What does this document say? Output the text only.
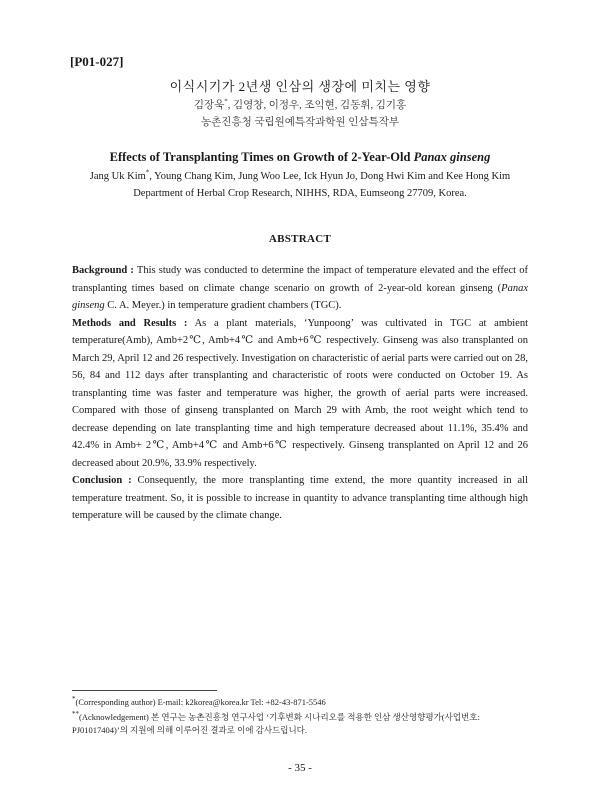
[P01-027]
이식시기가 2년생 인삼의 생장에 미치는 영향
김장욱*, 김영창, 이정우, 조익현, 김동휘, 김기홍
농촌진흥청 국립원예특작과학원 인삼특작부
Effects of Transplanting Times on Growth of 2-Year-Old Panax ginseng
Jang Uk Kim*, Young Chang Kim, Jung Woo Lee, Ick Hyun Jo, Dong Hwi Kim and Kee Hong Kim
Department of Herbal Crop Research, NIHHS, RDA, Eumseong 27709, Korea.
ABSTRACT

Background : This study was conducted to determine the impact of temperature elevated and the effect of transplanting times based on climate change scenario on growth of 2-year-old korean ginseng (Panax ginseng C. A. Meyer.) in temperature gradient chambers (TGC).

Methods and Results : As a plant materials, ‘Yunpoong’ was cultivated in TGC at ambient temperature(Amb), Amb+2℃, Amb+4℃ and Amb+6℃ respectively. Ginseng was also transplanted on March 29, April 12 and 26 respectively. Investigation on characteristic of aerial parts were carried out on 28, 56, 84 and 112 days after transplanting and characteristic of roots were conducted on October 19. As transplanting time was faster and temperature was higher, the growth of aerial parts were increased. Compared with those of ginseng transplanted on March 29 with Amb, the root weight which tend to decrease depending on late transplanting time and high temperature decreased about 11.1%, 35.4% and 42.4% in Amb+ 2℃, Amb+4℃ and Amb+6℃ respectively. Ginseng transplanted on April 12 and 26 decreased about 20.9%, 33.9% respectively.

Conclusion : Consequently, the more transplanting time extend, the more quantity increased in all temperature treatment. So, it is possible to increase in quantity to advance transplanting time although high temperature will be caused by the climate change.

*(Corresponding author) E-mail: k2korea@korea.kr Tel: +82-43-871-5546
**(Acknowledgement) 본 연구는 농촌진흥청 연구사업 ‘기후변화 시나리오를 적용한 인삼 생산영향평가(사업번호: PJ01017404)’의 지원에 의해 이루어진 결과로 이에 감사드립니다.
- 35 -
